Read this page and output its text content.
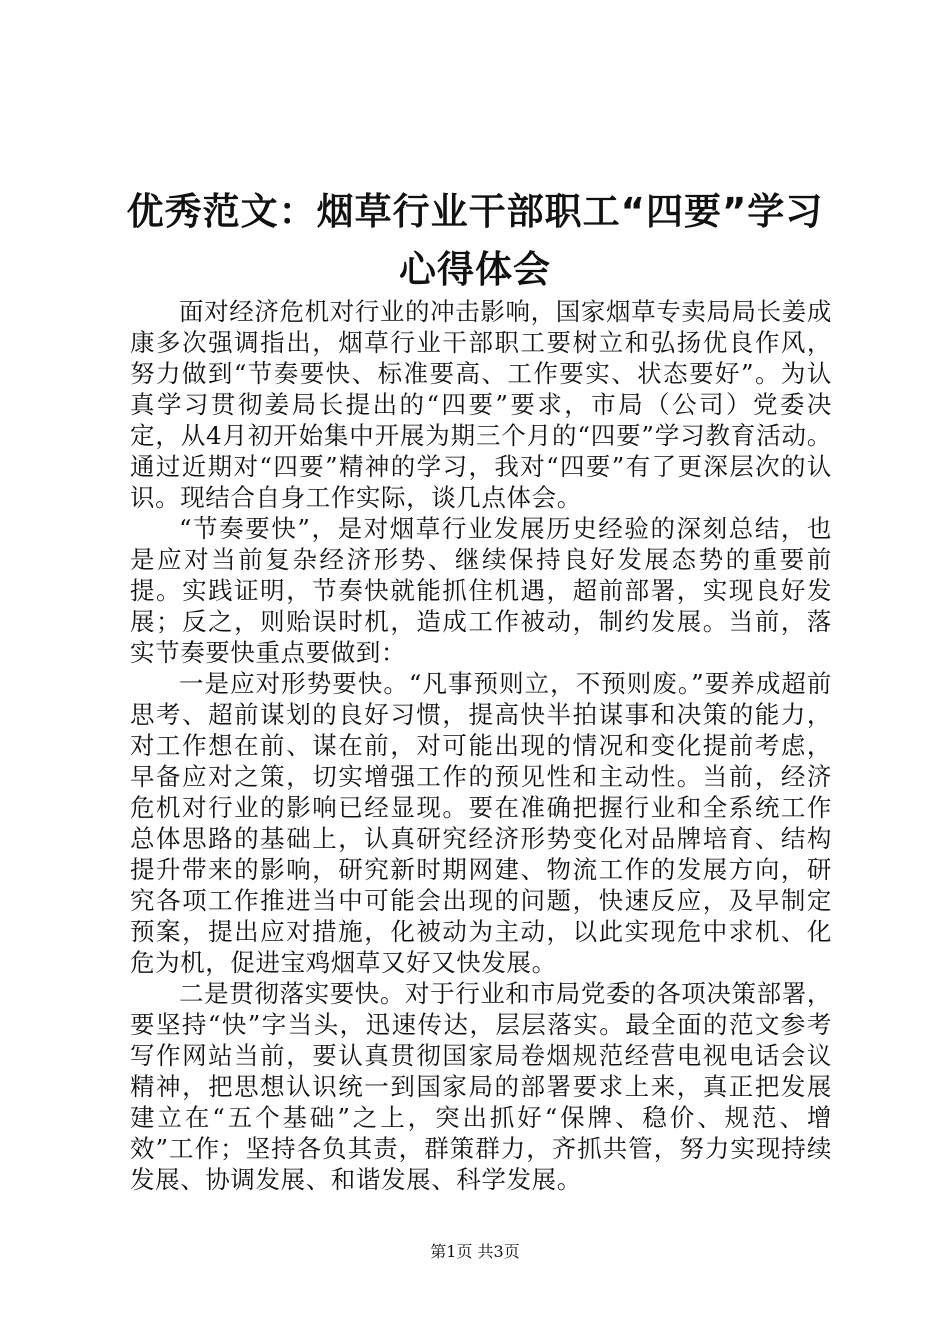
优秀范文：烟草行业干部职工“四要”学习心得体会

面对经济危机对行业的冲击影响，国家烟草专卖局局长姜成康多次强调指出，烟草行业干部职工要树立和弘扬优良作风，努力做到“节奏要快、标准要高、工作要实、状态要好”。为认真学习贯彻姜局长提出的“四要”要求，市局（公司）党委决定，从4月初开始集中开展为期三个月的“四要”学习教育活动。通过近期对“四要”精神的学习，我对“四要”有了更深层次的认识。现结合自身工作实际，谈几点体会。

“节奏要快”，是对烟草行业发展历史经验的深刻总结，也是应对当前复杂经济形势、继续保持良好发展态势的重要前提。实践证明，节奏快就能抓住机遇，超前部署，实现良好发展；反之，则贻误时机，造成工作被动，制约发展。当前，落实节奏要快重点要做到：

一是应对形势要快。“凡事预则立，不预则废。”要养成超前思考、超前谋划的良好习惯，提高快半拍谋事和决策的能力，对工作想在前、谋在前，对可能出现的情况和变化提前考虑，早备应对之策，切实增强工作的预见性和主动性。当前，经济危机对行业的影响已经显现。要在准确把握行业和全系统工作总体思路的基础上，认真研究经济形势变化对品牌培育、结构提升带来的影响，研究新时期网建、物流工作的发展方向，研究各项工作推进当中可能会出现的问题，快速反应，及早制定预案，提出应对措施，化被动为主动，以此实现危中求机、化危为机，促进宝鸡烟草又好又快发展。

二是贯彻落实要快。对于行业和市局党委的各项决策部署，要坚持“快”字当头，迅速传达，层层落实。最全面的范文参考写作网站当前，要认真贯彻国家局卷烟规范经营电视电话会议精神，把思想认识统一到国家局的部署要求上来，真正把发展建立在“五个基础”之上，突出抓好“保牌、稳价、规范、增效”工作；坚持各负其责，群策群力，齐抓共管，努力实现持续发展、协调发展、和谐发展、科学发展。

第1页 共3页
